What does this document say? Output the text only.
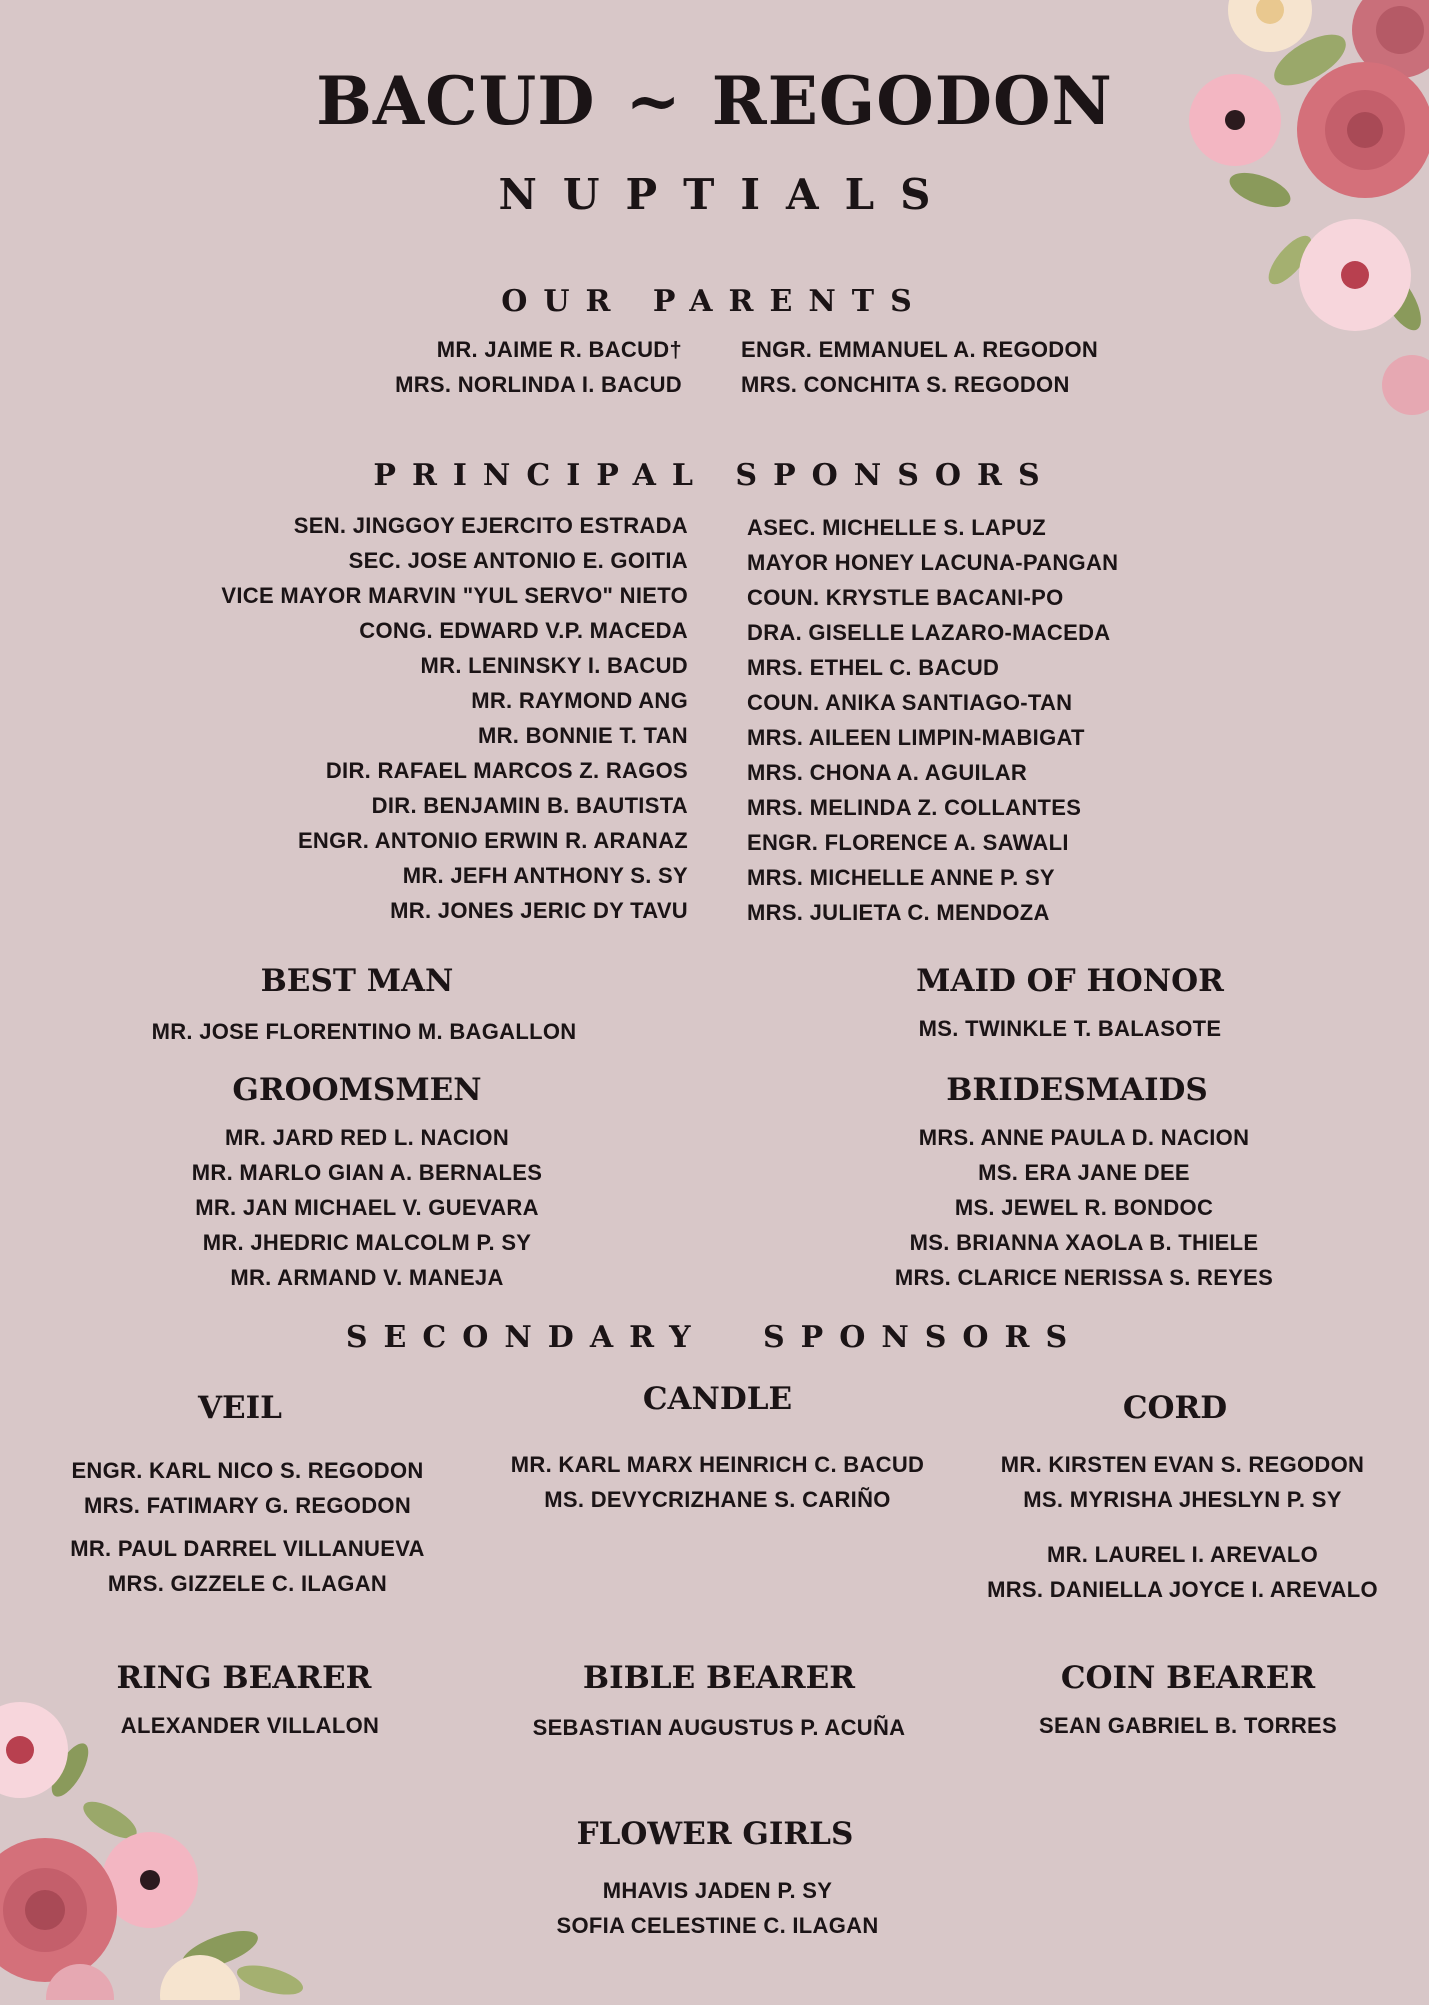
BACUD ~ REGODON
NUPTIALS
OUR PARENTS
MR. JAIME R. BACUD†
MRS. NORLINDA I. BACUD
ENGR. EMMANUEL A. REGODON
MRS. CONCHITA S. REGODON
PRINCIPAL SPONSORS
SEN. JINGGOY EJERCITO ESTRADA
SEC. JOSE ANTONIO E. GOITIA
VICE MAYOR MARVIN "YUL SERVO" NIETO
CONG. EDWARD V.P. MACEDA
MR. LENINSKY I. BACUD
MR. RAYMOND ANG
MR. BONNIE T. TAN
DIR. RAFAEL MARCOS Z. RAGOS
DIR. BENJAMIN B. BAUTISTA
ENGR. ANTONIO ERWIN R. ARANAZ
MR. JEFH ANTHONY S. SY
MR. JONES JERIC DY TAVU
ASEC. MICHELLE S. LAPUZ
MAYOR HONEY LACUNA-PANGAN
COUN. KRYSTLE BACANI-PO
DRA. GISELLE LAZARO-MACEDA
MRS. ETHEL C. BACUD
COUN. ANIKA SANTIAGO-TAN
MRS. AILEEN LIMPIN-MABIGAT
MRS. CHONA A. AGUILAR
MRS. MELINDA Z. COLLANTES
ENGR. FLORENCE A. SAWALI
MRS. MICHELLE ANNE P. SY
MRS. JULIETA C. MENDOZA
BEST MAN
MR. JOSE FLORENTINO M. BAGALLON
MAID OF HONOR
MS. TWINKLE T. BALASOTE
GROOMSMEN
MR. JARD RED L. NACION
MR. MARLO GIAN A. BERNALES
MR. JAN MICHAEL V. GUEVARA
MR. JHEDRIC MALCOLM P. SY
MR. ARMAND V. MANEJA
BRIDESMAIDS
MRS. ANNE PAULA D. NACION
MS. ERA JANE DEE
MS. JEWEL R. BONDOC
MS. BRIANNA XAOLA B. THIELE
MRS. CLARICE NERISSA S. REYES
SECONDARY SPONSORS
VEIL
ENGR. KARL NICO S. REGODON
MRS. FATIMARY G. REGODON
MR. PAUL DARREL VILLANUEVA
MRS. GIZZELE C. ILAGAN
CANDLE
MR. KARL MARX HEINRICH C. BACUD
MS. DEVYCRIZHANE S. CARIÑO
CORD
MR. KIRSTEN EVAN S. REGODON
MS. MYRISHA JHESLYN P. SY
MR. LAUREL I. AREVALO
MRS. DANIELLA JOYCE I. AREVALO
RING BEARER
ALEXANDER VILLALON
BIBLE BEARER
SEBASTIAN AUGUSTUS P. ACUÑA
COIN BEARER
SEAN GABRIEL B. TORRES
FLOWER GIRLS
MHAVIS JADEN P. SY
SOFIA CELESTINE C. ILAGAN
